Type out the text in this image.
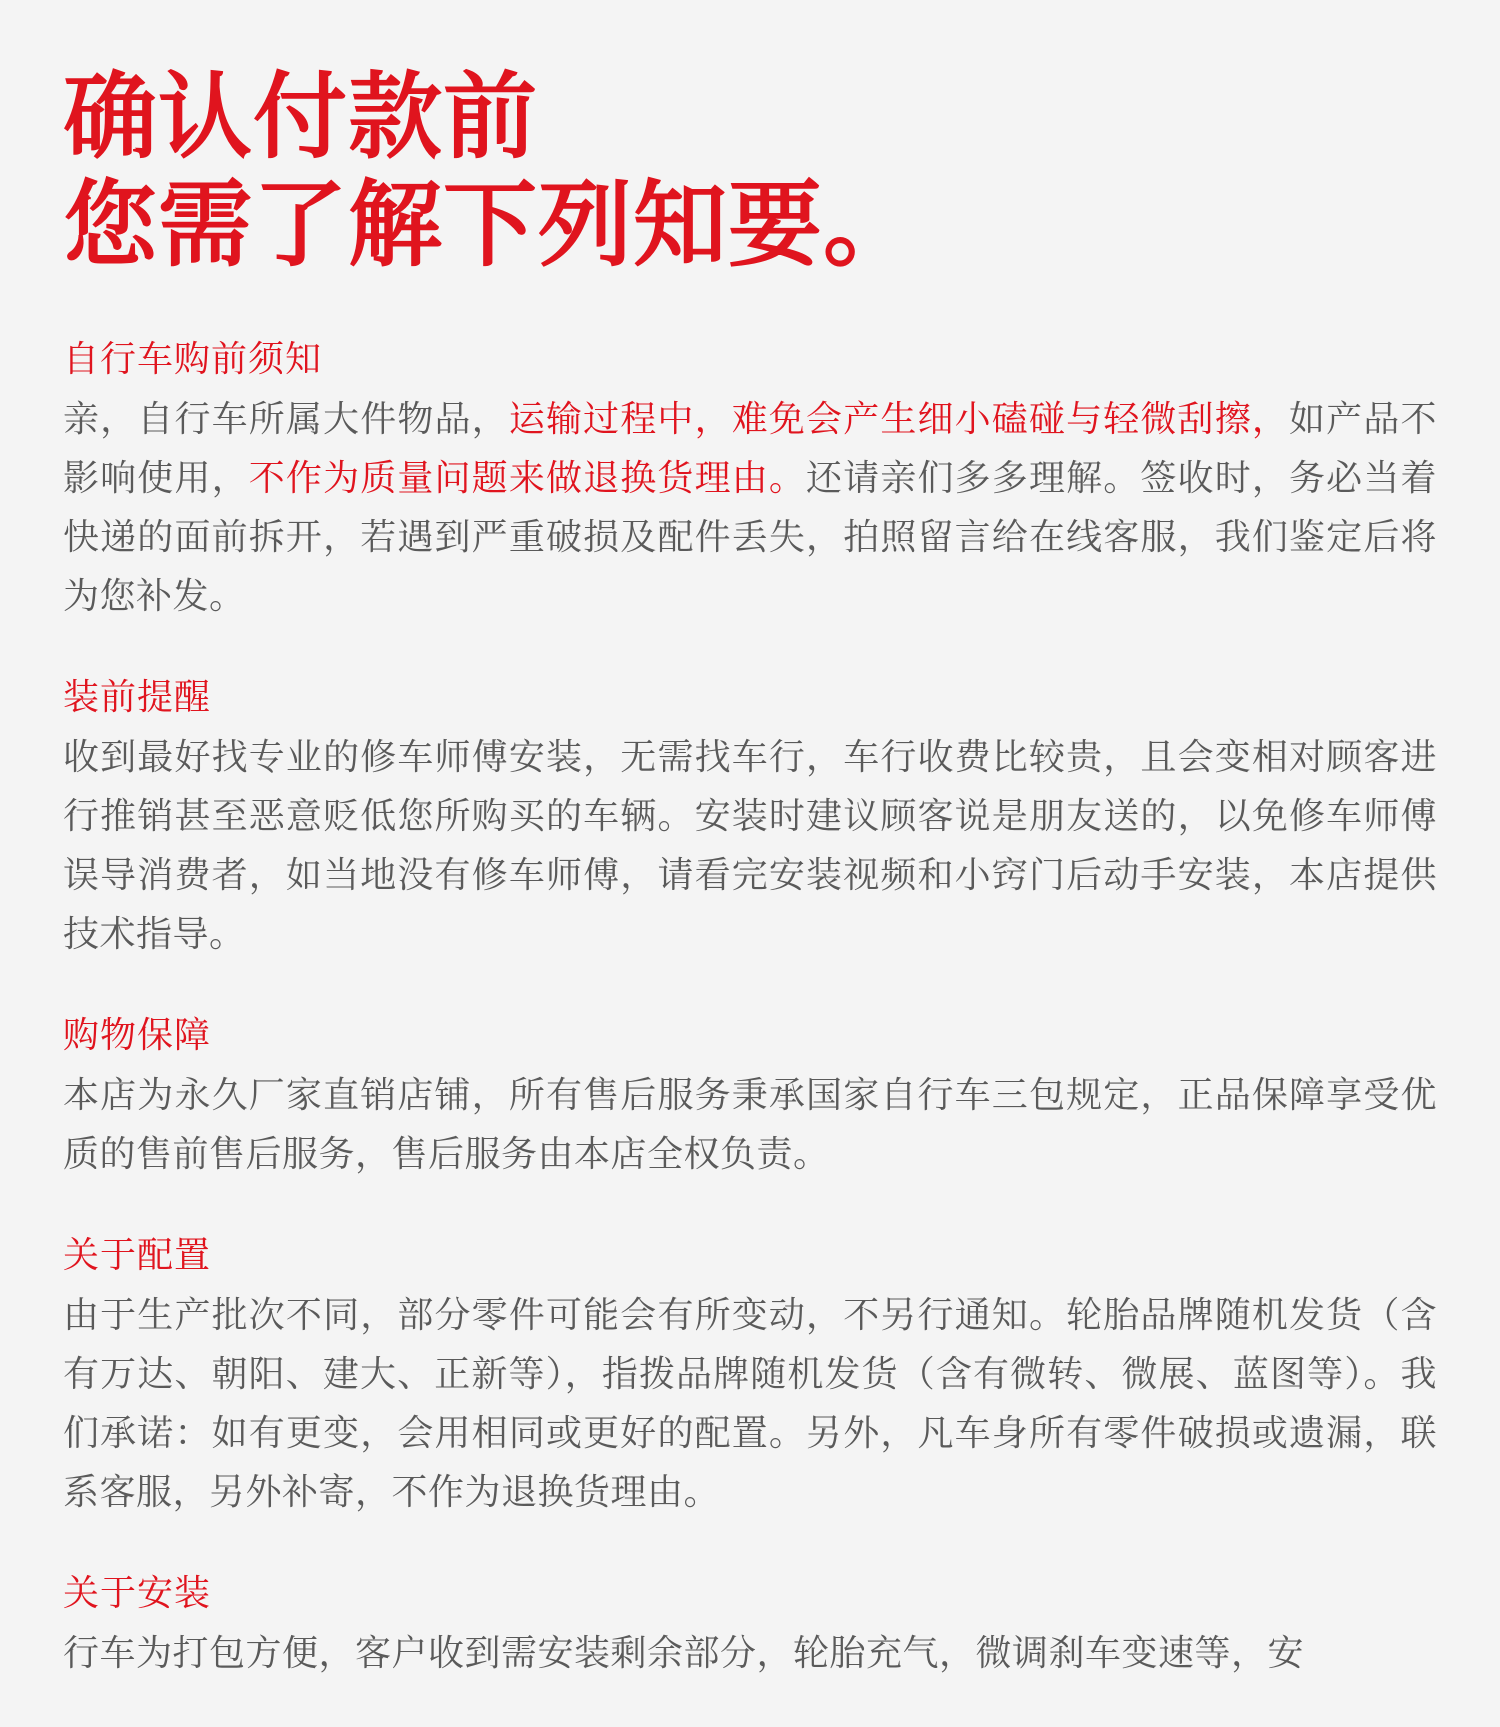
确认付款前
您需了解下列知要。
自行车购前须知

亲，自行车所属大件物品，运输过程中，难免会产生细小磕碰与轻微刮擦，如产品不影响使用，不作为质量问题来做退换货理由。还请亲们多多理解。签收时，务必当着快递的面前拆开，若遇到严重破损及配件丢失，拍照留言给在线客服，我们鉴定后将为您补发。

装前提醒

收到最好找专业的修车师傅安装，无需找车行，车行收费比较贵，且会变相对顾客进行推销甚至恶意贬低您所购买的车辆。安装时建议顾客说是朋友送的，以免修车师傅误导消费者，如当地没有修车师傅，请看完安装视频和小窍门后动手安装，本店提供技术指导。

购物保障

本店为永久厂家直销店铺，所有售后服务秉承国家自行车三包规定，正品保障享受优质的售前售后服务，售后服务由本店全权负责。

关于配置

由于生产批次不同，部分零件可能会有所变动，不另行通知。轮胎品牌随机发货（含有万达、朝阳、建大、正新等），指拨品牌随机发货（含有微转、微展、蓝图等）。我们承诺：如有更变，会用相同或更好的配置。另外，凡车身所有零件破损或遗漏，联系客服，另外补寄，不作为退换货理由。

关于安装

行车为打包方便，客户收到需安装剩余部分，轮胎充气，微调刹车变速等，安
